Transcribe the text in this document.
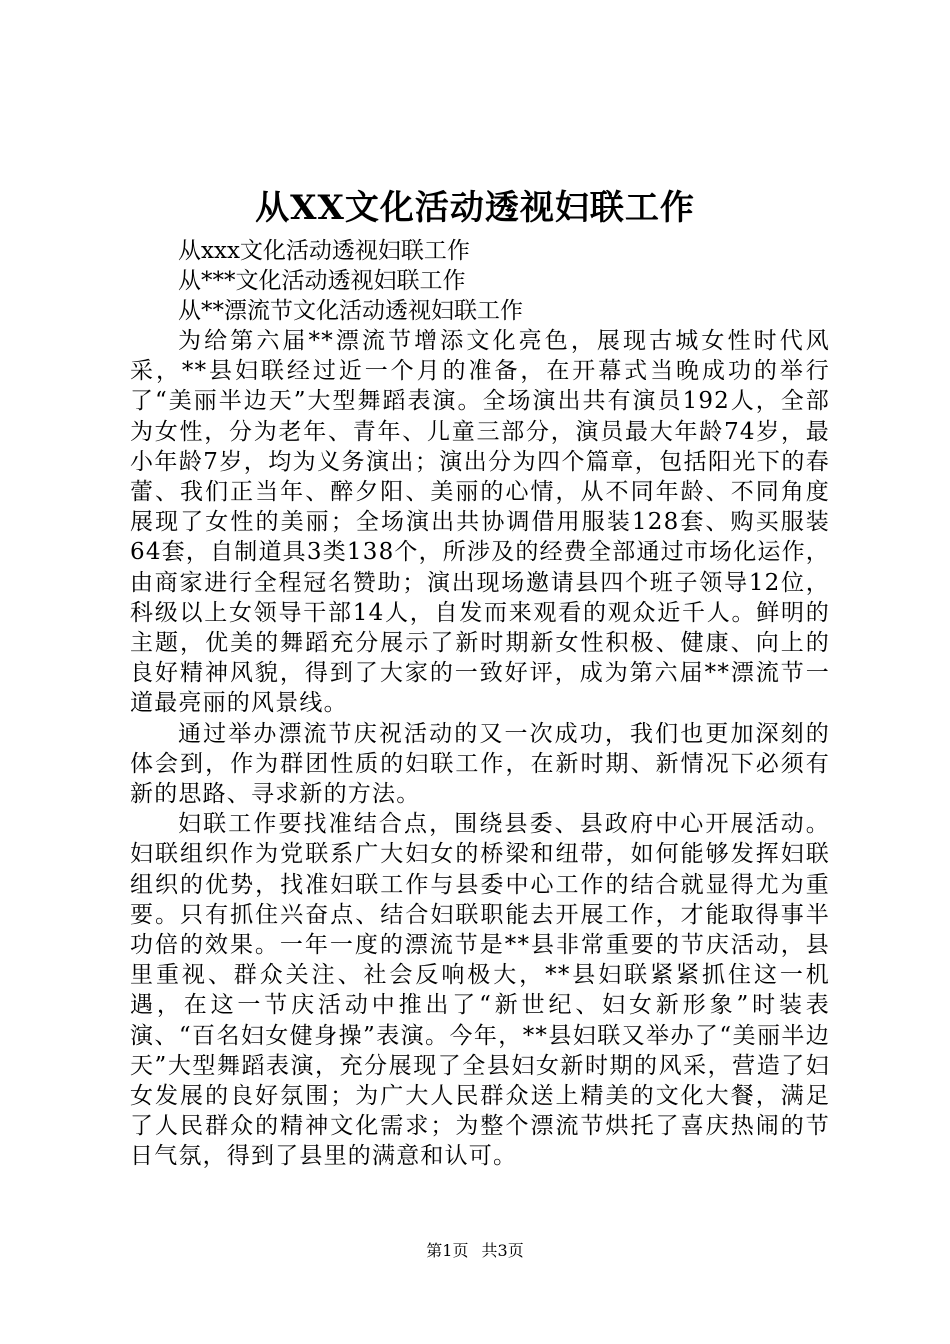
从XX文化活动透视妇联工作

从xxx文化活动透视妇联工作

从***文化活动透视妇联工作

从**漂流节文化活动透视妇联工作

为给第六届**漂流节增添文化亮色，展现古城女性时代风采，**县妇联经过近一个月的准备，在开幕式当晚成功的举行了“美丽半边天”大型舞蹈表演。全场演出共有演员192人，全部为女性，分为老年、青年、儿童三部分，演员最大年龄74岁，最小年龄7岁，均为义务演出；演出分为四个篇章，包括阳光下的春蕾、我们正当年、醉夕阳、美丽的心情，从不同年龄、不同角度展现了女性的美丽；全场演出共协调借用服装128套、购买服装64套，自制道具3类138个，所涉及的经费全部通过市场化运作，由商家进行全程冠名赞助；演出现场邀请县四个班子领导12位，科级以上女领导干部14人，自发而来观看的观众近千人。鲜明的主题，优美的舞蹈充分展示了新时期新女性积极、健康、向上的良好精神风貌，得到了大家的一致好评，成为第六届**漂流节一道最亮丽的风景线。

通过举办漂流节庆祝活动的又一次成功，我们也更加深刻的体会到，作为群团性质的妇联工作，在新时期、新情况下必须有新的思路、寻求新的方法。

妇联工作要找准结合点，围绕县委、县政府中心开展活动。妇联组织作为党联系广大妇女的桥梁和纽带，如何能够发挥妇联组织的优势，找准妇联工作与县委中心工作的结合就显得尤为重要。只有抓住兴奋点、结合妇联职能去开展工作，才能取得事半功倍的效果。一年一度的漂流节是**县非常重要的节庆活动，县里重视、群众关注、社会反响极大，**县妇联紧紧抓住这一机遇，在这一节庆活动中推出了“新世纪、妇女新形象”时装表演、“百名妇女健身操”表演。今年，**县妇联又举办了“美丽半边天”大型舞蹈表演，充分展现了全县妇女新时期的风采，营造了妇女发展的良好氛围；为广大人民群众送上精美的文化大餐，满足了人民群众的精神文化需求；为整个漂流节烘托了喜庆热闹的节日气氛，得到了县里的满意和认可。

第1页 共3页
